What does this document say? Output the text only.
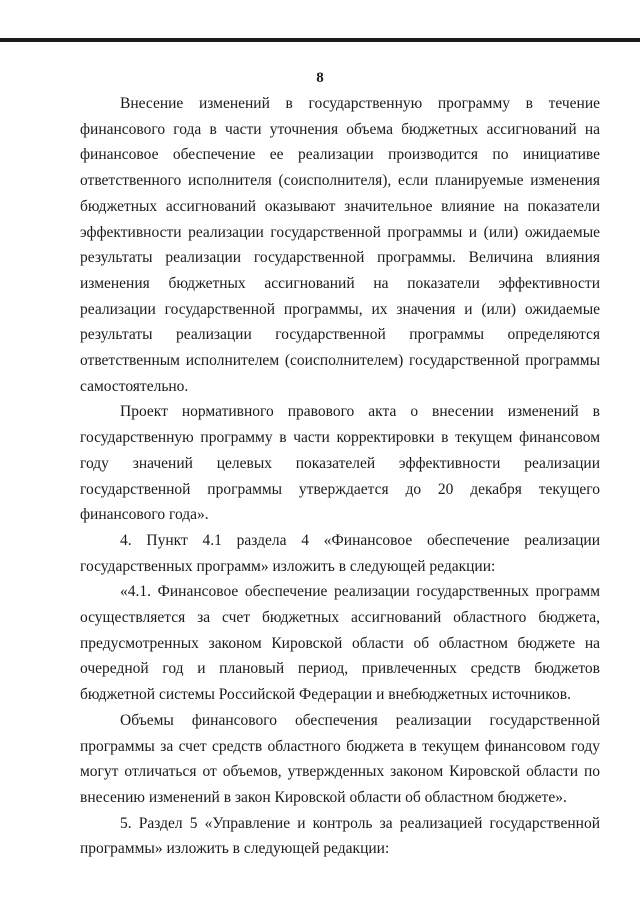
8

Внесение изменений в государственную программу в течение финансового года в части уточнения объема бюджетных ассигнований на финансовое обеспечение ее реализации производится по инициативе ответственного исполнителя (соисполнителя), если планируемые изменения бюджетных ассигнований оказывают значительное влияние на показатели эффективности реализации государственной программы и (или) ожидаемые результаты реализации государственной программы. Величина влияния изменения бюджетных ассигнований на показатели эффективности реализации государственной программы, их значения и (или) ожидаемые результаты реализации государственной программы определяются ответственным исполнителем (соисполнителем) государственной программы самостоятельно.

Проект нормативного правового акта о внесении изменений в государственную программу в части корректировки в текущем финансовом году значений целевых показателей эффективности реализации государственной программы утверждается до 20 декабря текущего финансового года».

4. Пункт 4.1 раздела 4 «Финансовое обеспечение реализации государственных программ» изложить в следующей редакции:

«4.1. Финансовое обеспечение реализации государственных программ осуществляется за счет бюджетных ассигнований областного бюджета, предусмотренных законом Кировской области об областном бюджете на очередной год и плановый период, привлеченных средств бюджетов бюджетной системы Российской Федерации и внебюджетных источников.

Объемы финансового обеспечения реализации государственной программы за счет средств областного бюджета в текущем финансовом году могут отличаться от объемов, утвержденных законом Кировской области по внесению изменений в закон Кировской области об областном бюджете».

5. Раздел 5 «Управление и контроль за реализацией государственной программы» изложить в следующей редакции:
